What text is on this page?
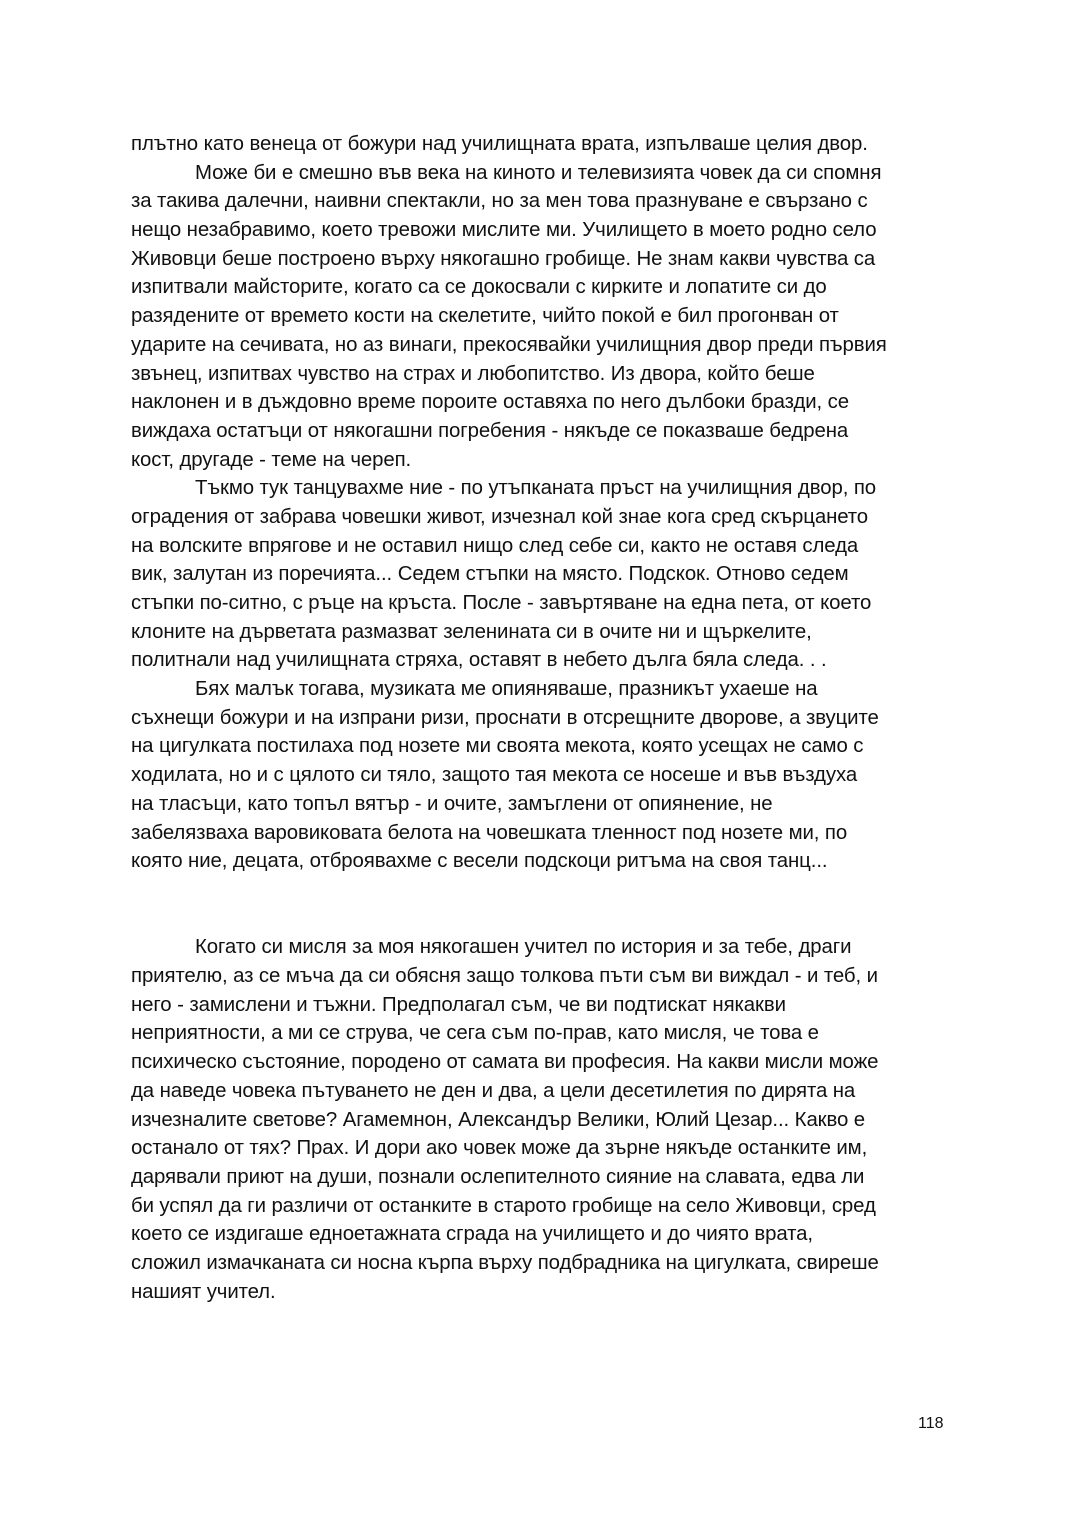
плътно като венеца от божури над училищната врата, изпълваше целия двор.
Може би е смешно във века на киното и телевизията човек да си спомня
за такива далечни, наивни спектакли, но за мен това празнуване е свързано с
нещо незабравимо, което тревожи мислите ми. Училището в моето родно село
Живовци беше построено върху някогашно гробище. Не знам какви чувства са
изпитвали майсторите, когато са се докосвали с кирките и лопатите си до
разядените от времето кости на скелетите, чийто покой е бил прогонван от
ударите на сечивата, но аз винаги, прекосявайки училищния двор преди първия
звънец, изпитвах чувство на страх и любопитство. Из двора, който беше
наклонен и в дъждовно време пороите оставяха по него дълбоки бразди, се
виждаха остатъци от някогашни погребения - някъде се показваше бедрена
кост, другаде - теме на череп.
Тъкмо тук танцувахме ние - по утъпканата пръст на училищния двор, по
оградения от забрава човешки живот, изчезнал кой знае кога сред скърцането
на волските впрягове и не оставил нищо след себе си, както не оставя следа
вик, залутан из поречията... Седем стъпки на място. Подскок. Отново седем
стъпки по-ситно, с ръце на кръста. После - завъртяване на една пета, от което
клоните на дърветата размазват зеленината си в очите ни и щъркелите,
политнали над училищната стряха, оставят в небето дълга бяла следа. . .
Бях малък тогава, музиката ме опияняваше, празникът ухаеше на
съхнещи божури и на изпрани ризи, проснати в отсрещните дворове, а звуците
на цигулката постилаха под нозете ми своята мекота, която усещах не само с
ходилата, но и с цялото си тяло, защото тая мекота се носеше и във въздуха
на тласъци, като топъл вятър - и очите, замъглени от опиянение, не
забелязваха варовиковата белота на човешката тленност под нозете ми, по
която ние, децата, отброявахме с весели подскоци ритъма на своя танц...
Когато си мисля за моя някогашен учител по история и за тебе, драги
приятелю, аз се мъча да си обясня защо толкова пъти съм ви виждал - и теб, и
него - замислени и тъжни. Предполагал съм, че ви подтискат някакви
неприятности, а ми се струва, че сега съм по-прав, като мисля, че това е
психическо състояние, породено от самата ви професия. На какви мисли може
да наведе човека пътуването не ден и два, а цели десетилетия по дирята на
изчезналите светове? Агамемнон, Александър Велики, Юлий Цезар... Какво е
останало от тях? Прах. И дори ако човек може да зърне някъде останките им,
дарявали приют на души, познали ослепителното сияние на славата, едва ли
би успял да ги различи от останките в старото гробище на село Живовци, сред
което се издигаше едноетажната сграда на училището и до чиято врата,
сложил измачканата си носна кърпа върху подбрадника на цигулката, свиреше
нашият учител.
118
